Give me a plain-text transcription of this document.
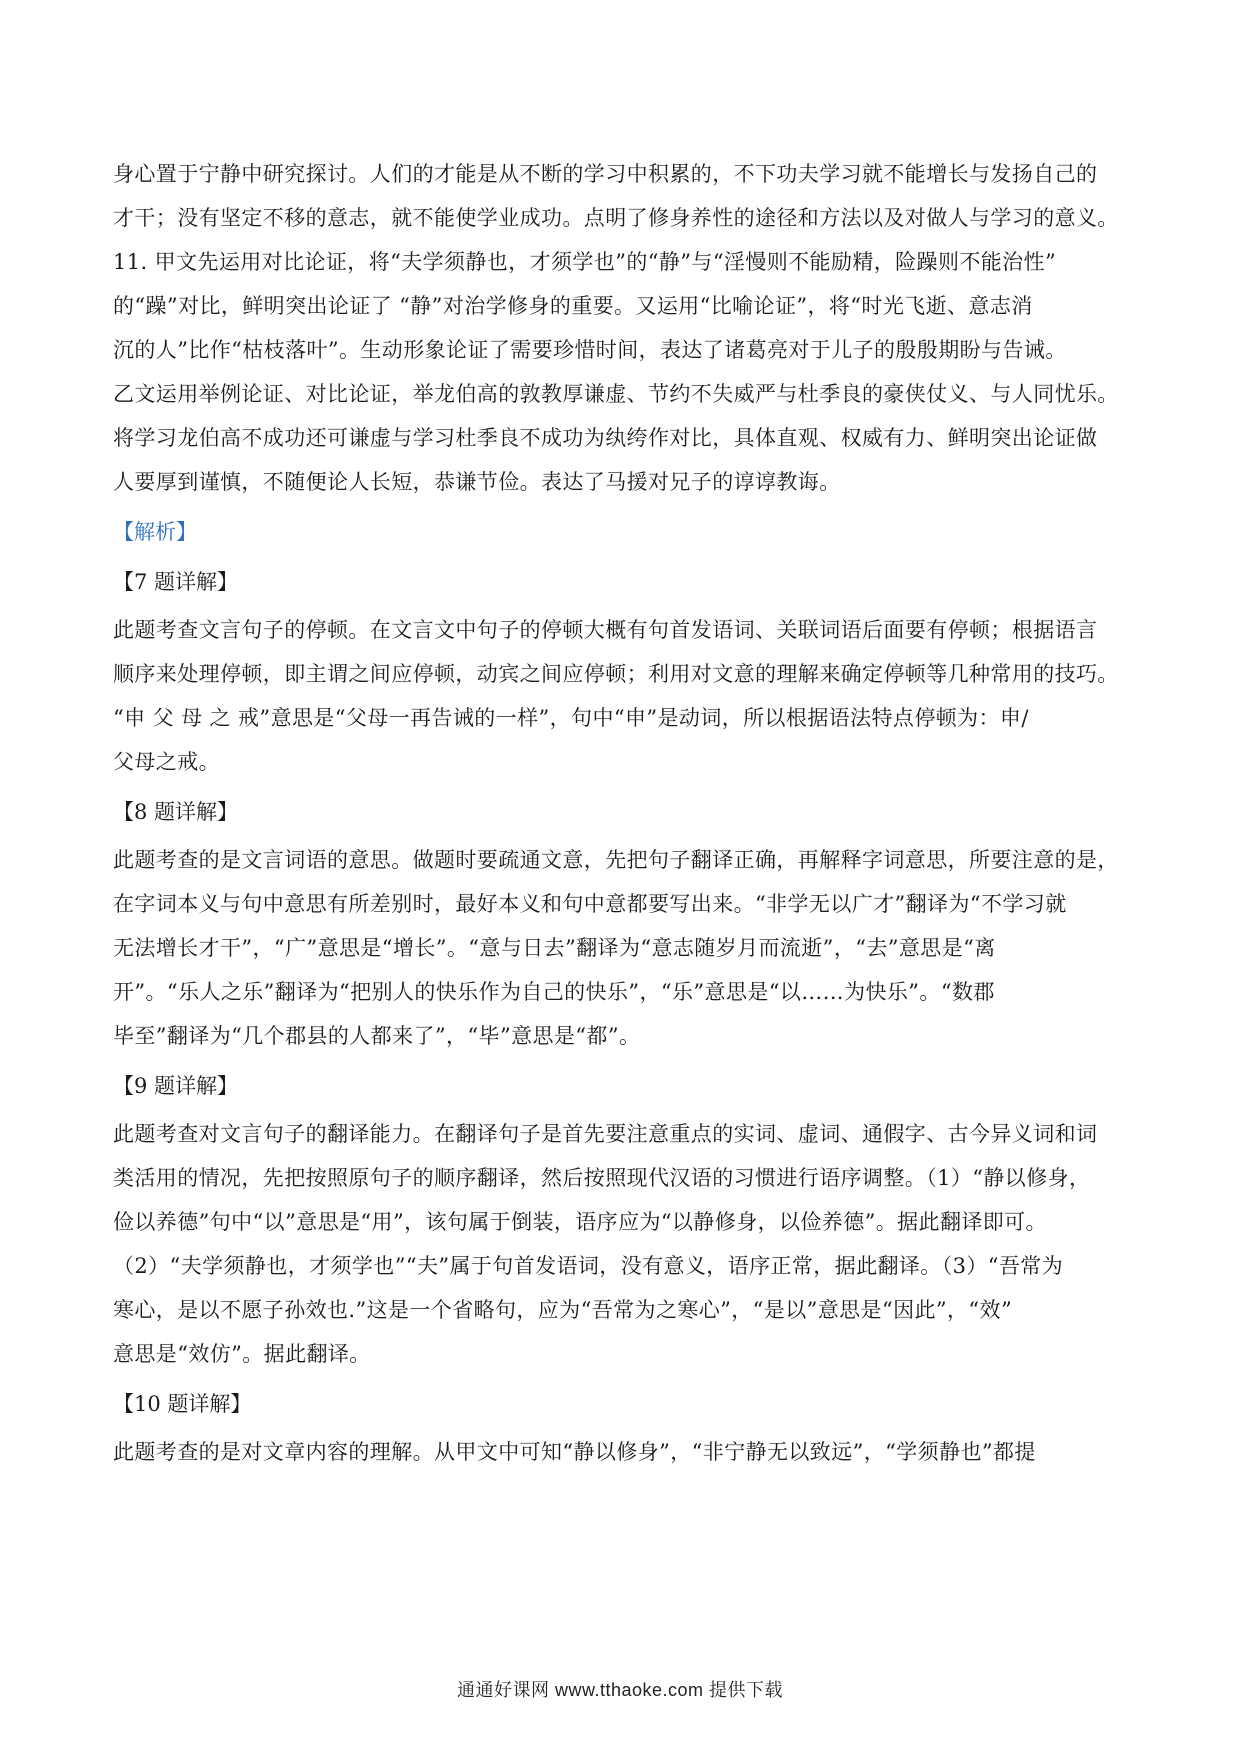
身心置于宁静中研究探讨。人们的才能是从不断的学习中积累的，不下功夫学习就不能增长与发扬自己的
才干；没有坚定不移的意志，就不能使学业成功。点明了修身养性的途径和方法以及对做人与学习的意义。
11. 甲文先运用对比论证，将“夫学须静也，才须学也”的“静”与“淫慢则不能励精，险躁则不能治性”
的“躁”对比，鲜明突出论证了 “静”对治学修身的重要。又运用“比喻论证”，将“时光飞逝、意志消
沉的人”比作“枯枝落叶”。生动形象论证了需要珍惜时间，表达了诸葛亮对于儿子的殷殷期盼与告诫。
乙文运用举例论证、对比论证，举龙伯高的敦教厚谦虚、节约不失威严与杜季良的豪侠仗义、与人同忧乐。
将学习龙伯高不成功还可谦虚与学习杜季良不成功为纨绔作对比，具体直观、权威有力、鲜明突出论证做
人要厚到谨慎，不随便论人长短，恭谦节俭。表达了马援对兄子的谆谆教诲。
【解析】
【7 题详解】
此题考查文言句子的停顿。在文言文中句子的停顿大概有句首发语词、关联词语后面要有停顿；根据语言
顺序来处理停顿，即主谓之间应停顿，动宾之间应停顿；利用对文意的理解来确定停顿等几种常用的技巧。
“申 父 母 之 戒”意思是“父母一再告诫的一样”，句中“申”是动词，所以根据语法特点停顿为：申/
父母之戒。
【8 题详解】
此题考查的是文言词语的意思。做题时要疏通文意，先把句子翻译正确，再解释字词意思，所要注意的是，
在字词本义与句中意思有所差别时，最好本义和句中意都要写出来。“非学无以广才”翻译为“不学习就
无法增长才干”，“广”意思是“增长”。“意与日去”翻译为“意志随岁月而流逝”，“去”意思是“离
开”。“乐人之乐”翻译为“把别人的快乐作为自己的快乐”，“乐”意思是“以……为快乐”。“数郡
毕至”翻译为“几个郡县的人都来了”，“毕”意思是“都”。
【9 题详解】
此题考查对文言句子的翻译能力。在翻译句子是首先要注意重点的实词、虚词、通假字、古今异义词和词
类活用的情况，先把按照原句子的顺序翻译，然后按照现代汉语的习惯进行语序调整。（1）“静以修身，
俭以养德”句中“以”意思是“用”，该句属于倒装，语序应为“以静修身，以俭养德”。据此翻译即可。
（2）“夫学须静也，才须学也”“夫”属于句首发语词，没有意义，语序正常，据此翻译。（3）“吾常为
寒心，是以不愿子孙效也.”这是一个省略句，应为“吾常为之寒心”，“是以”意思是“因此”，“效”
意思是“效仿”。据此翻译。
【10 题详解】
此题考查的是对文章内容的理解。从甲文中可知“静以修身”，“非宁静无以致远”，“学须静也”都提
通通好课网 www.tthaoke.com 提供下载
